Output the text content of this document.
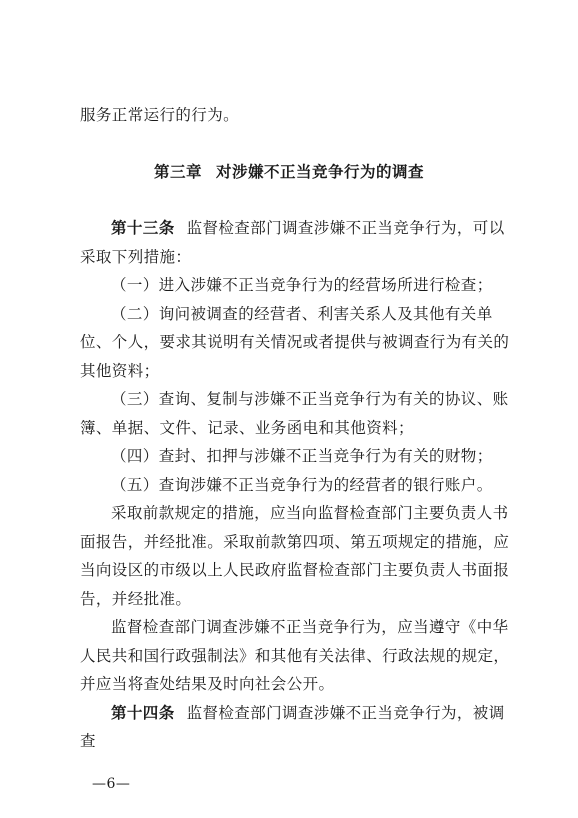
服务正常运行的行为。

第三章 对涉嫌不正当竞争行为的调查

第十三条 监督检查部门调查涉嫌不正当竞争行为，可以采取下列措施：

（一）进入涉嫌不正当竞争行为的经营场所进行检查；

（二）询问被调查的经营者、利害关系人及其他有关单位、个人，要求其说明有关情况或者提供与被调查行为有关的其他资料；

（三）查询、复制与涉嫌不正当竞争行为有关的协议、账簿、单据、文件、记录、业务函电和其他资料；

（四）查封、扣押与涉嫌不正当竞争行为有关的财物；

（五）查询涉嫌不正当竞争行为的经营者的银行账户。

采取前款规定的措施，应当向监督检查部门主要负责人书面报告，并经批准。采取前款第四项、第五项规定的措施，应当向设区的市级以上人民政府监督检查部门主要负责人书面报告，并经批准。

监督检查部门调查涉嫌不正当竞争行为，应当遵守《中华人民共和国行政强制法》和其他有关法律、行政法规的规定，并应当将查处结果及时向社会公开。

第十四条 监督检查部门调查涉嫌不正当竞争行为，被调查

—6—
